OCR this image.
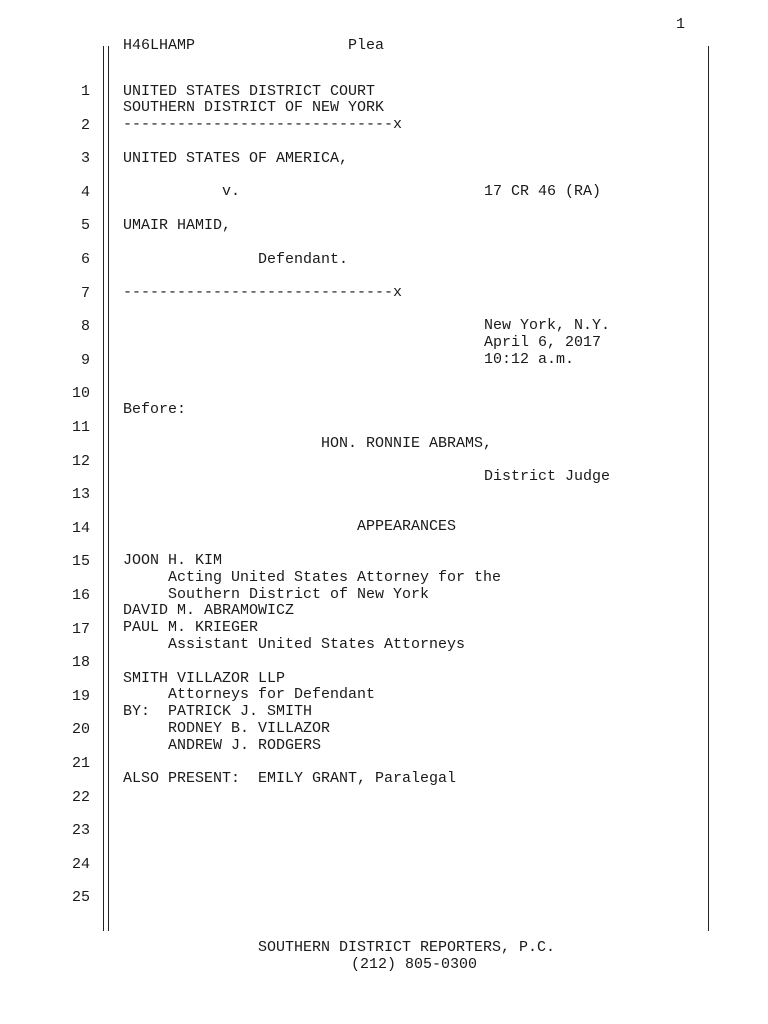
1
H46LHAMP	Plea
1
2
3
4
5
6
7
8
9
10
11
12
13
14
15
16
17
18
19
20
21
22
23
24
25
UNITED STATES DISTRICT COURT
SOUTHERN DISTRICT OF NEW YORK
------------------------------x
UNITED STATES OF AMERICA,
v.	17 CR 46 (RA)
UMAIR HAMID,
Defendant.
------------------------------x
New York, N.Y.
April 6, 2017
10:12 a.m.
Before:
HON. RONNIE ABRAMS,
District Judge
APPEARANCES
JOON H. KIM
Acting United States Attorney for the
Southern District of New York
DAVID M. ABRAMOWICZ
PAUL M. KRIEGER
Assistant United States Attorneys
SMITH VILLAZOR LLP
Attorneys for Defendant
BY:  PATRICK J. SMITH
RODNEY B. VILLAZOR
ANDREW J. RODGERS
ALSO PRESENT:  EMILY GRANT, Paralegal
SOUTHERN DISTRICT REPORTERS, P.C.
(212) 805-0300
